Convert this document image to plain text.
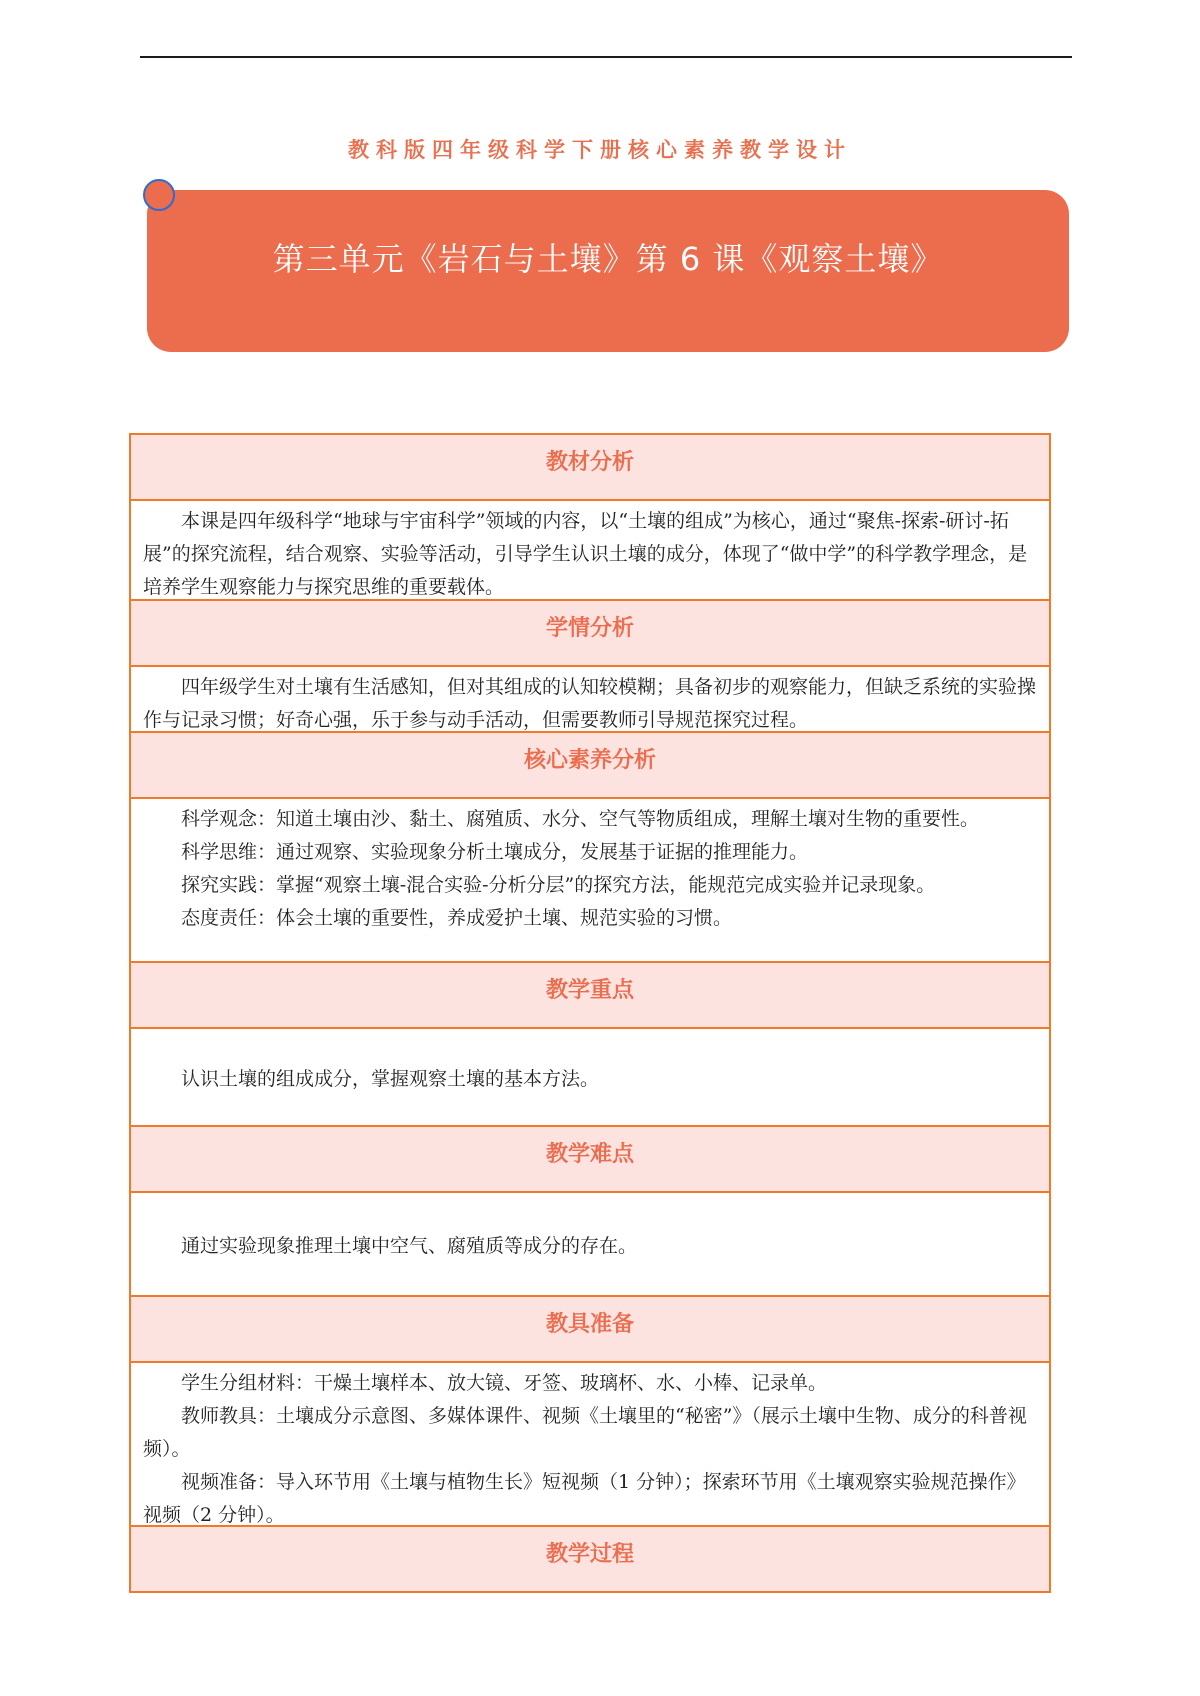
教科版四年级科学下册核心素养教学设计
第三单元《岩石与土壤》第 6 课《观察土壤》
教材分析

本课是四年级科学“地球与宇宙科学”领域的内容，以“土壤的组成”为核心，通过“聚焦-探索-研讨-拓展”的探究流程，结合观察、实验等活动，引导学生认识土壤的成分，体现了“做中学”的科学教学理念，是培养学生观察能力与探究思维的重要载体。

学情分析

四年级学生对土壤有生活感知，但对其组成的认知较模糊；具备初步的观察能力，但缺乏系统的实验操作与记录习惯；好奇心强，乐于参与动手活动，但需要教师引导规范探究过程。

核心素养分析

科学观念：知道土壤由沙、黏土、腐殖质、水分、空气等物质组成，理解土壤对生物的重要性。

科学思维：通过观察、实验现象分析土壤成分，发展基于证据的推理能力。

探究实践：掌握“观察土壤-混合实验-分析分层”的探究方法，能规范完成实验并记录现象。

态度责任：体会土壤的重要性，养成爱护土壤、规范实验的习惯。

教学重点

认识土壤的组成成分，掌握观察土壤的基本方法。

教学难点

通过实验现象推理土壤中空气、腐殖质等成分的存在。

教具准备

学生分组材料：干燥土壤样本、放大镜、牙签、玻璃杯、水、小棒、记录单。

教师教具：土壤成分示意图、多媒体课件、视频《土壤里的“秘密”》（展示土壤中生物、成分的科普视频）。

视频准备：导入环节用《土壤与植物生长》短视频（1 分钟）；探索环节用《土壤观察实验规范操作》视频（2 分钟）。

教学过程
